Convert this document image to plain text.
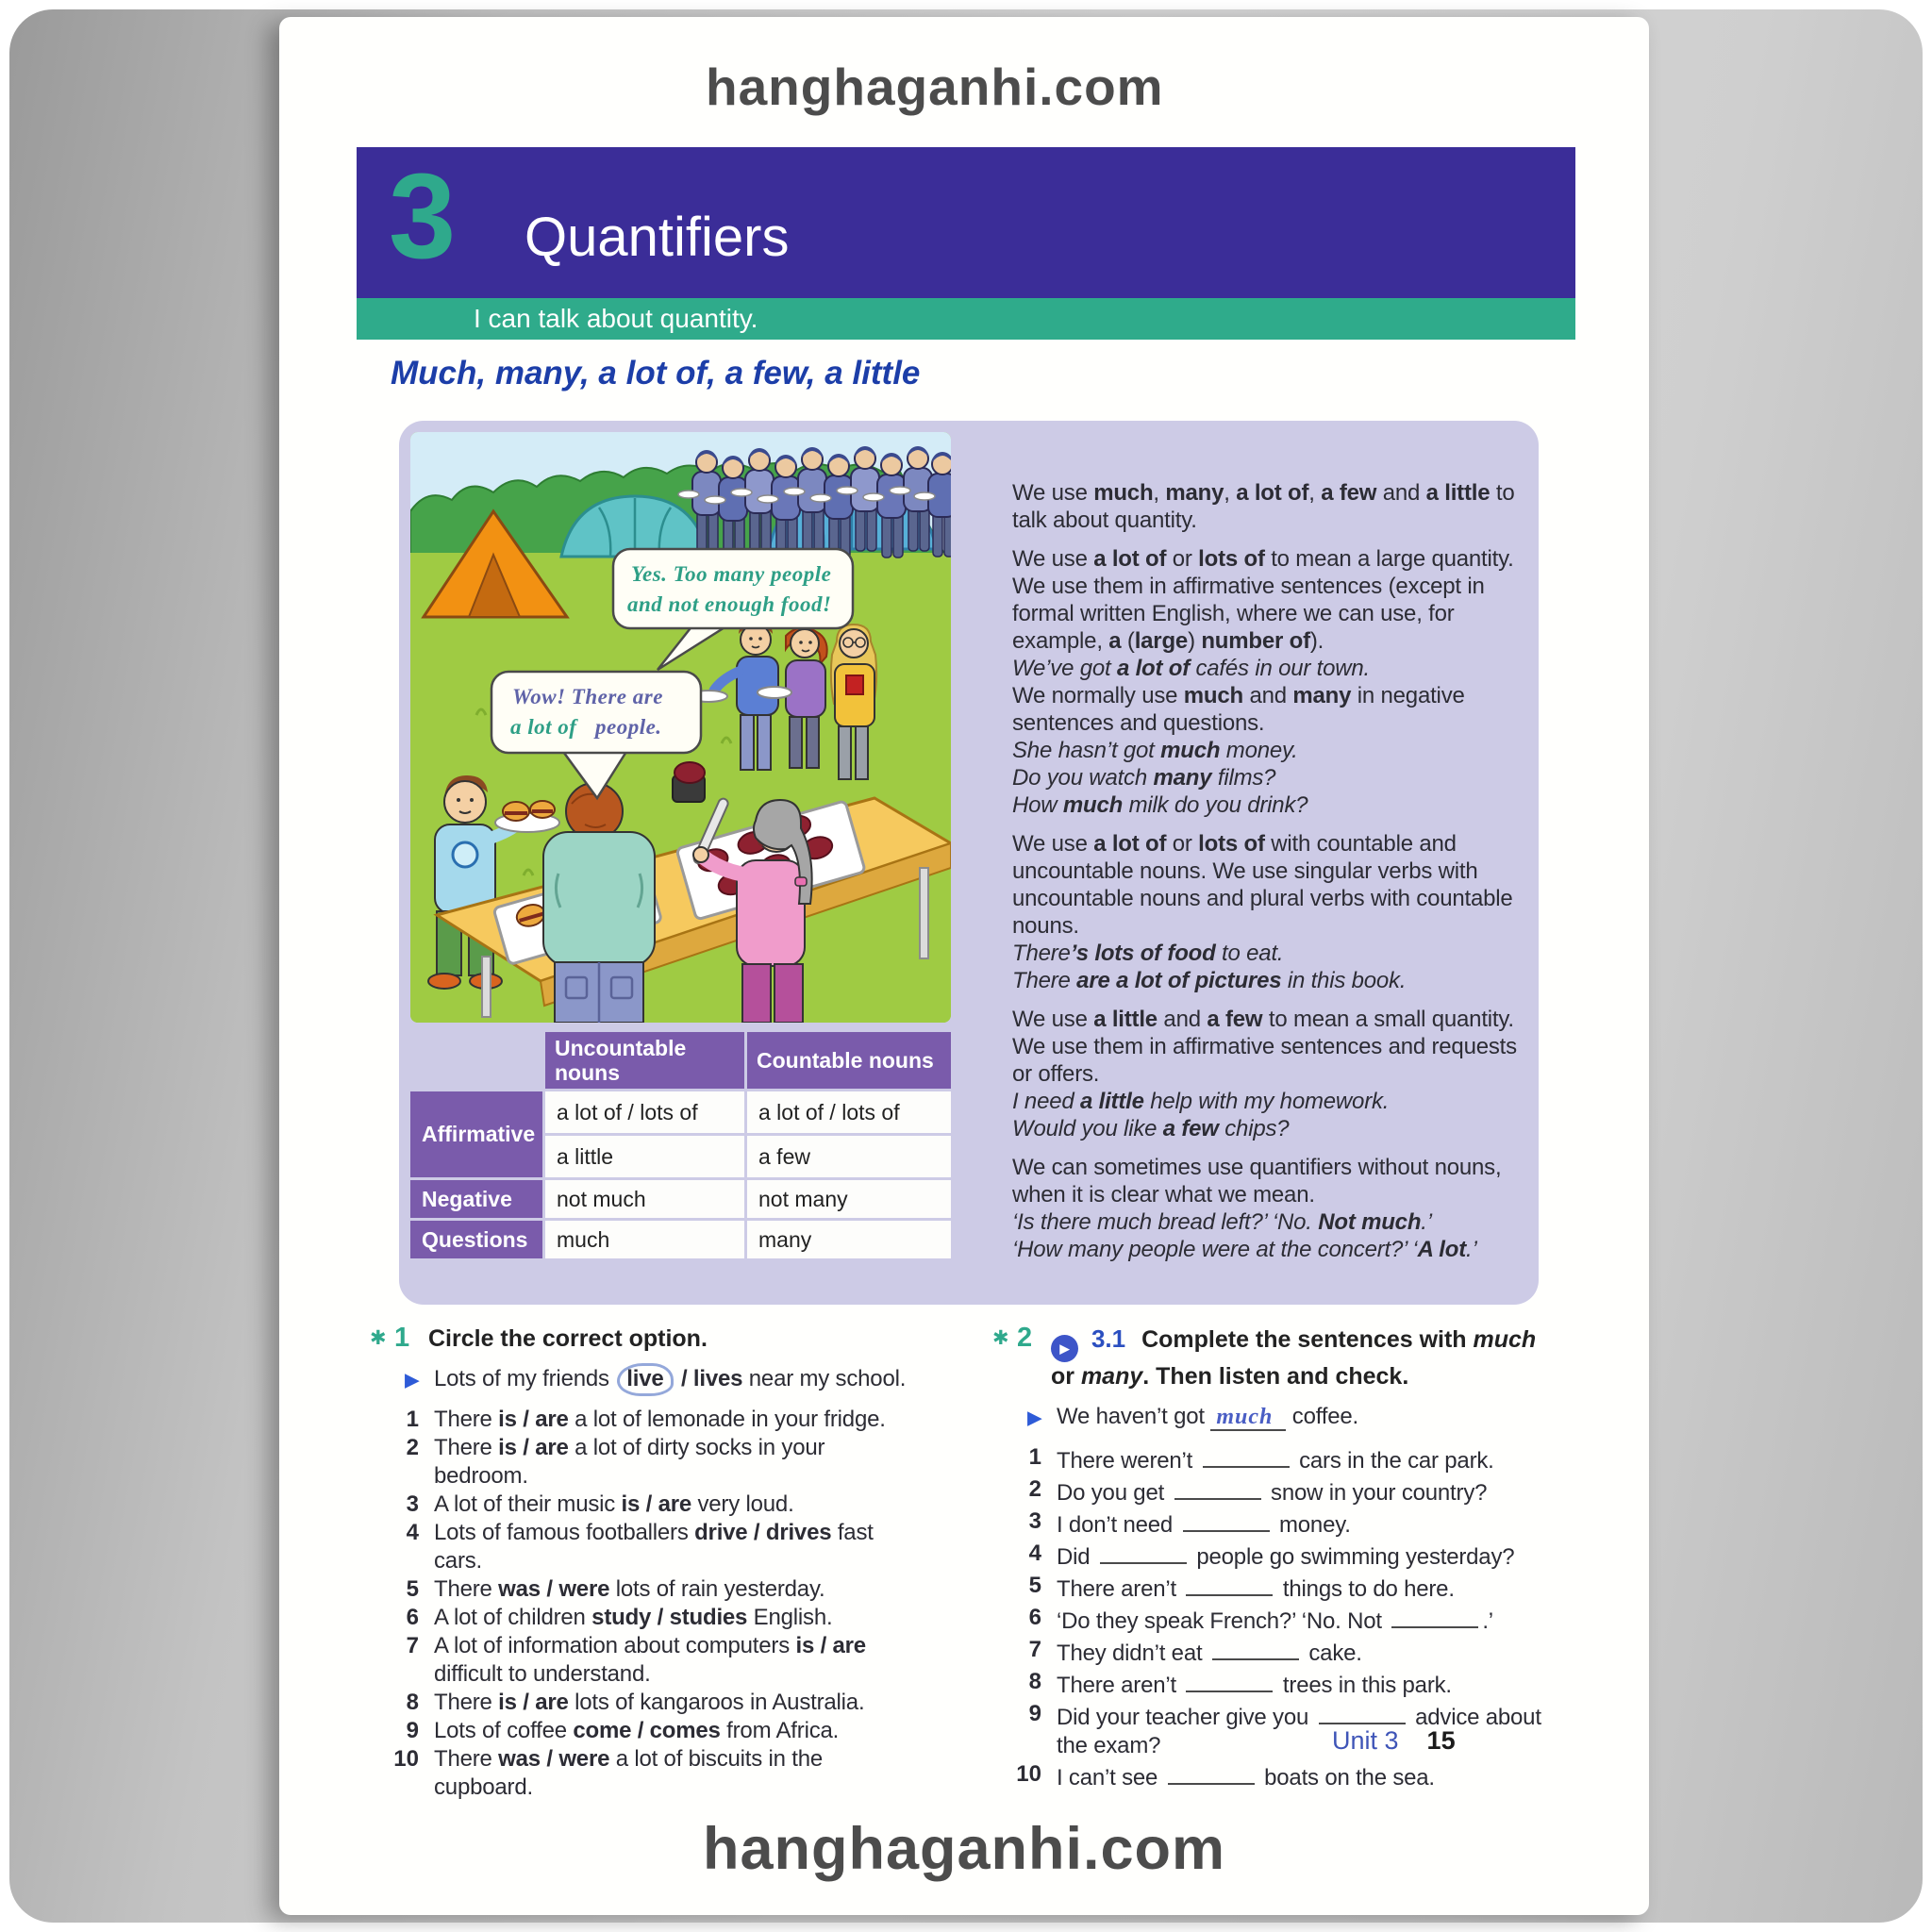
hanghaganhi.com
3 Quantifiers
I can talk about quantity.
Much, many, a lot of, a few, a little
Yes. Too many people
and not enough food!
Wow! There are
a lot of people.
Uncountable nouns	Countable nouns
Affirmative
a lot of / lots of	a lot of / lots of
a little	a few
Negative	not much	not many
Questions	much	many
We use much, many, a lot of, a few and a little to talk about quantity.
We use a lot of or lots of to mean a large quantity. We use them in affirmative sentences (except in formal written English, where we can use, for example, a (large) number of).
We’ve got a lot of cafés in our town.
We normally use much and many in negative sentences and questions.
She hasn’t got much money.
Do you watch many films?
How much milk do you drink?
We use a lot of or lots of with countable and uncountable nouns. We use singular verbs with uncountable nouns and plural verbs with countable nouns.
There’s lots of food to eat.
There are a lot of pictures in this book.
We use a little and a few to mean a small quantity. We use them in affirmative sentences and requests or offers.
I need a little help with my homework.
Would you like a few chips?
We can sometimes use quantifiers without nouns, when it is clear what we mean.
‘Is there much bread left?’ ‘No. Not much.’
‘How many people were at the concert?’ ‘A lot.’
✱ 1 Circle the correct option.
▶ Lots of my friends live / lives near my school.
1 There is / are a lot of lemonade in your fridge.
2 There is / are a lot of dirty socks in your bedroom.
3 A lot of their music is / are very loud.
4 Lots of famous footballers drive / drives fast cars.
5 There was / were lots of rain yesterday.
6 A lot of children study / studies English.
7 A lot of information about computers is / are difficult to understand.
8 There is / are lots of kangaroos in Australia.
9 Lots of coffee come / comes from Africa.
10 There was / were a lot of biscuits in the cupboard.
✱ 2	▶ 3.1 Complete the sentences with much or many. Then listen and check.
▶ We haven’t got much coffee.
1 There weren’t	cars in the car park.
2 Do you get	snow in your country?
3 I don’t need	money.
4 Did	people go swimming yesterday?
5 There aren’t	things to do here.
6 ‘Do they speak French?’ ‘No. Not	.’
7 They didn’t eat	cake.
8 There aren’t	trees in this park.
9 Did your teacher give you	advice about the exam?
10 I can’t see	boats on the sea.
Unit 3 15
hanghaganhi.com
